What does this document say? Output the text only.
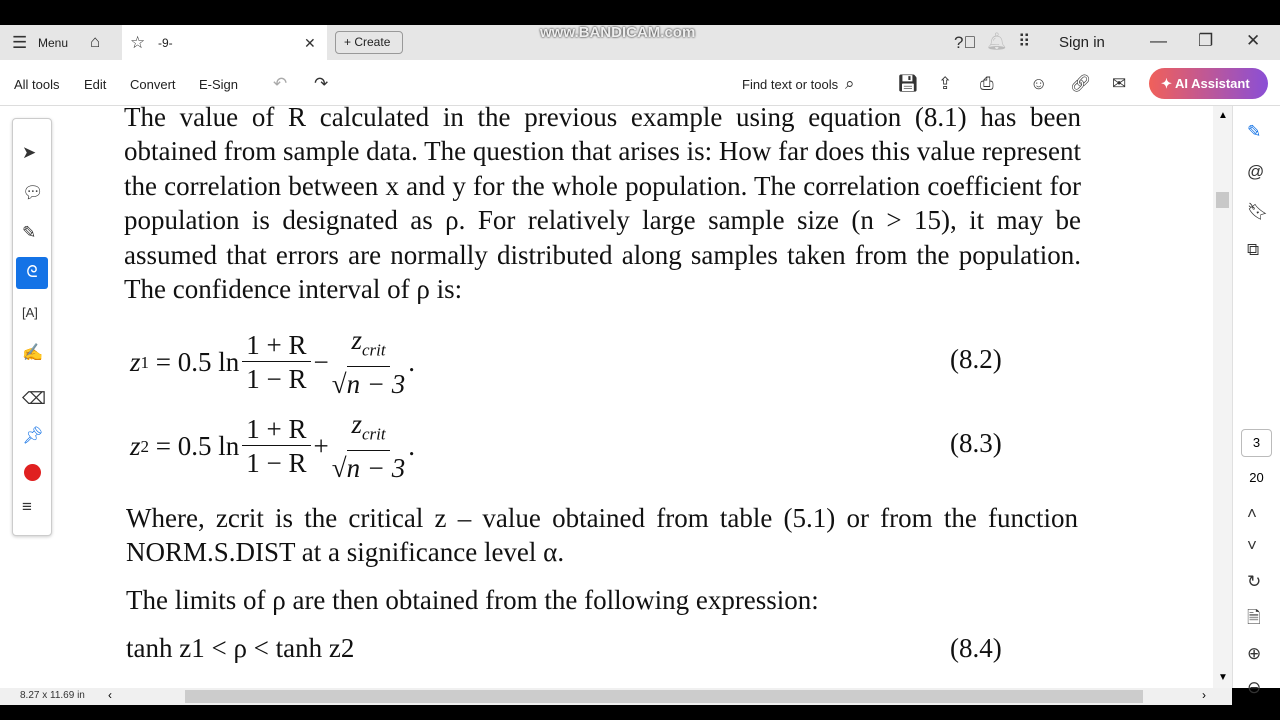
www.BANDICAM.com
☰ Menu ⌂ ☆ -9-	✕	+ Create	?⃝ 🔔︎ ⠿ Sign in	— ❐ ✕
All tools Edit Convert E-Sign ↶ ↷	Find text or tools ⌕ 💾︎ ⇪ ⎙ ☺ 🔗︎ ✉	✦ AI Assistant
The value of R calculated in the previous example using equation (8.1) has been obtained from sample data. The question that arises is: How far does this value represent the correlation between x and y for the whole population. The correlation coefficient for population is designated as ρ. For relatively large sample size (n > 15), it may be assumed that errors are normally distributed along samples taken from the population. The confidence interval of ρ is:
z 1
= 0.5 $\ln \frac{1 + R}{1 - R} - \frac{z_{crit}}{√n - 3}$ .	(8.2)
z 2
= 0.5 $\ln \frac{1 + R}{1 - R} + \frac{z_{crit}}{√n - 3}$ .	(8.3)
Where, zcrit is the critical z – value obtained from table (5.1) or from the function NORM.S.DIST at a significance level α.
The limits of ρ are then obtained from the following expression:
tanh z1 < ρ < tanh z2	(8.4)
➤
💬︎
✎
ᘓ
[A]
✍
⌫
📌︎
≡
▲
▼
✎
@
🔖︎
⧉
3
20
˄
˅
↻
🗎︎
⊕
⊖
8.27 x 11.69 in ‹	›
